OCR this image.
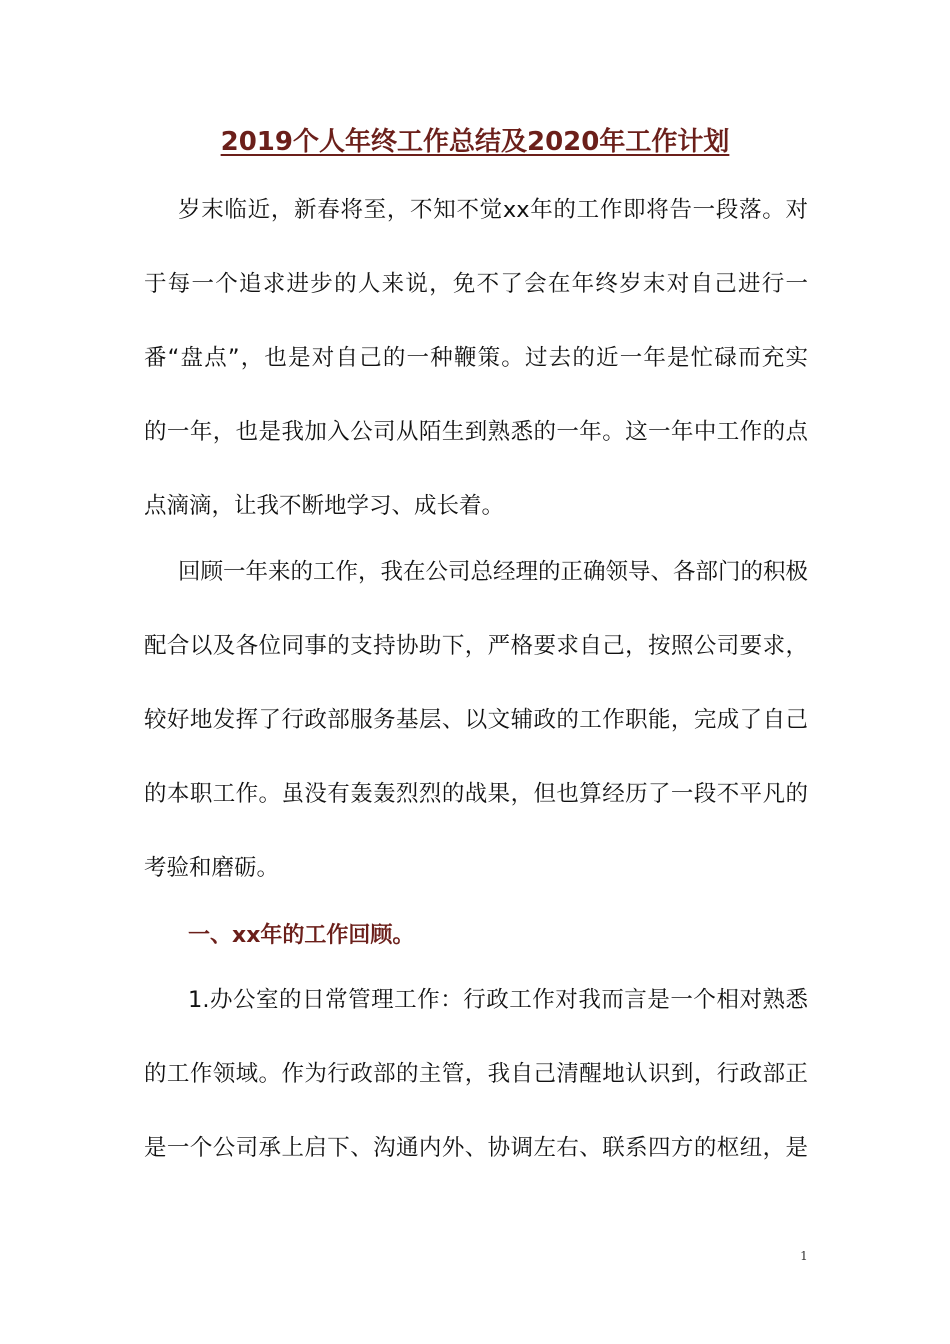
2019个人年终工作总结及2020年工作计划

岁末临近，新春将至，不知不觉xx年的工作即将告一段落。对

于每一个追求进步的人来说，免不了会在年终岁末对自己进行一

番“盘点”，也是对自己的一种鞭策。过去的近一年是忙碌而充实

的一年，也是我加入公司从陌生到熟悉的一年。这一年中工作的点

点滴滴，让我不断地学习、成长着。

回顾一年来的工作，我在公司总经理的正确领导、各部门的积极

配合以及各位同事的支持协助下，严格要求自己，按照公司要求，

较好地发挥了行政部服务基层、以文辅政的工作职能，完成了自己

的本职工作。虽没有轰轰烈烈的战果，但也算经历了一段不平凡的

考验和磨砺。

一、xx年的工作回顾。

1.办公室的日常管理工作：行政工作对我而言是一个相对熟悉

的工作领域。作为行政部的主管，我自己清醒地认识到，行政部正

是一个公司承上启下、沟通内外、协调左右、联系四方的枢纽，是

1
